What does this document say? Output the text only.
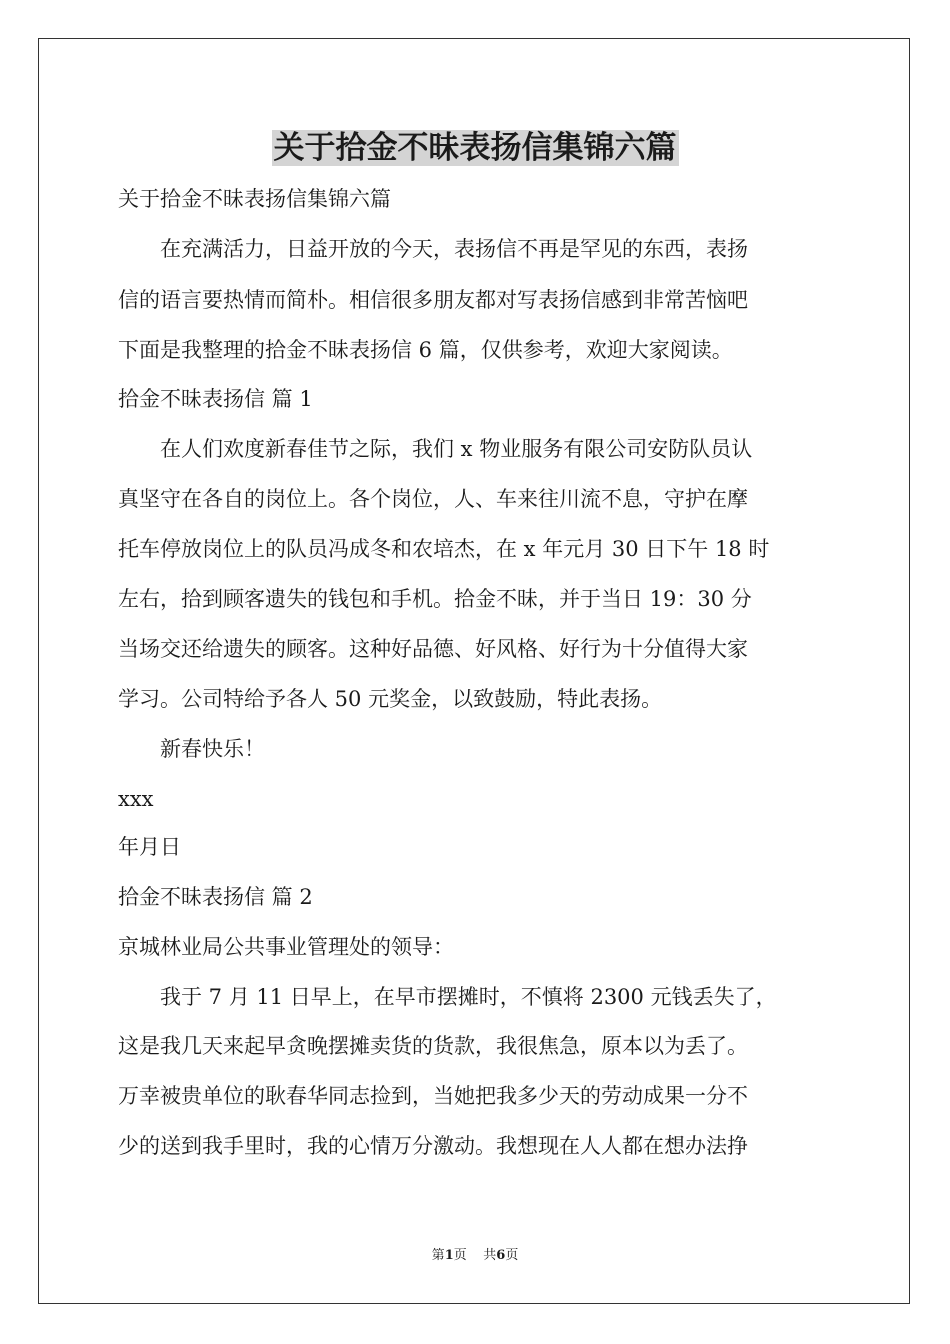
关于拾金不昧表扬信集锦六篇
关于拾金不昧表扬信集锦六篇
　　在充满活力，日益开放的今天，表扬信不再是罕见的东西，表扬
信的语言要热情而简朴。相信很多朋友都对写表扬信感到非常苦恼吧
下面是我整理的拾金不昧表扬信 6 篇，仅供参考，欢迎大家阅读。
拾金不昧表扬信 篇 1
　　在人们欢度新春佳节之际，我们 x 物业服务有限公司安防队员认
真坚守在各自的岗位上。各个岗位，人、车来往川流不息，守护在摩
托车停放岗位上的队员冯成冬和农培杰，在 x 年元月 30 日下午 18 时
左右，拾到顾客遗失的钱包和手机。拾金不昧，并于当日 19：30 分
当场交还给遗失的顾客。这种好品德、好风格、好行为十分值得大家
学习。公司特给予各人 50 元奖金，以致鼓励，特此表扬。
　　新春快乐！
xxx
年月日
拾金不昧表扬信 篇 2
京城林业局公共事业管理处的领导：
　　我于 7 月 11 日早上，在早市摆摊时，不慎将 2300 元钱丢失了，
这是我几天来起早贪晚摆摊卖货的货款，我很焦急，原本以为丢了。
万幸被贵单位的耿春华同志捡到，当她把我多少天的劳动成果一分不
少的送到我手里时，我的心情万分激动。我想现在人人都在想办法挣
第1页    共6页
